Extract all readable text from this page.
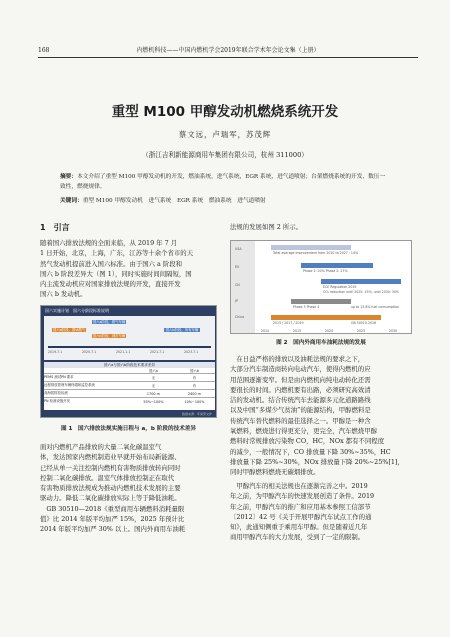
168	内燃机科技——中国内燃机学会2019年联合学术年会论文集（上册）
重型 M100 甲醇发动机燃烧系统开发
蔡文远，卢瑞军，苏茂辉
（浙江吉利新能源商用车集团有限公司，杭州 311000）
摘要：本文介绍了重型 M100 甲醇发动机的开发，燃油系统，进气系统，EGR 系统，进气道喷射；台架燃烧系统的开发，数压一致性，燃烧规律。
关键词：重型 M100 甲醇发动机　进气系统　EGR 系统　燃油系统　进气道喷射
1　引言
随着国六排放法规的全面来临，从 2019 年 7 月
1 日开始，北京，上海，广东，江苏等十余个省市的天
然气发动机提前进入国六标准。由于国六 a 阶段和
国六 b 阶段差异大（图 1），同时实施时间间隔短，国
内主流发动机应对国家排放法规的开发，直接开发
国六 b 发动机。
国六实施计划　国六分阶段标准说明
国六a阶段，国Ⅵ燃气
国六a阶段，燃气车辆
国六b阶段，城市车辆
国六b阶段，所有车辆
2019.7.1	2020.7.1	2021.1.1	2021.7.1	2023.7.1
国六a与国六b阶段技术要求差异
	国六a	国六b
PEMS 测试PN 要求	无	有
远程排放管理车辆终端和监控系统	无	有
高海拔排放检测	1700 m	2400 m
PN 检测设施开发	55%~100%	10%~100%
数据来源：环保部文件
图 1　国六排放法规实施日程与 a，b 阶段的技术差异
面对内燃机产品排放的大量二氧化碳温室气
体，发达国家内燃机制造业早就开始布局新能源、
已经从单一关注控制内燃机有害物质排放转向同时
控制二氧化碳排放。温室气体排放控制正在取代
有害物质排放法规成为推动内燃机技术发展的主要
驱动力。降低二氧化碳排放实际上等于降低油耗。
　GB 30510—2018《重型商用车辆燃料消耗量限
值》比 2014 年版平均加严 15%，2025 年预计比
2014 年版平均加严 30% 以上。国内外商用车油耗
法规的发展如图 2 所示。
USA
EU
CN
JP
China
Total average improvement from 2010 to 2027 : 14%
Phase 1: 20% Phase 2: 27%
ECE Regulation 2019
CO₂ reduction until 2025: 15%; until 2030: 30%
Phase 3 Phase 4	up to 13.8% fuel consumption
2015 / 2017 / 2019	GB 30510-2018
2010	2015	2020	2025	2030
图 2　国内外商用车油耗法规的发展
　在日益严格的排放以及油耗法规的要求之下，
大部分汽车制造商转向电动汽车，使得内燃机的应
用范围逐渐变窄。但是由内燃机向纯电动转化还需
要很长的时间。内燃机要有出路，必须研究高效清
洁的发动机。结合传统汽车去能源多元化道路路线
以及中国“多煤少气贫油”的能源结构，甲醇燃料是
传统汽车替代燃料的最佳选择之一。甲醇是一种含
氧燃料，燃烧进行得更充分，更完全，汽车燃烧甲醇
燃料时常规排放污染物 CO，HC，NOx 都有不同程度
的减少，一般情况下，CO 排放量下降 30%~35%，HC
排放量下降 25%~30%，NOx 排放量下降 20%~25%[1]，
同时甲醇燃料燃烧无碳烟排放。
　甲醇汽车的相关法规也在逐渐完善之中。2019
年之前，为甲醇汽车的快速发展创造了条件。2019
年之前，甲醇汽车的推广和应用基本参照工信部节
〔2012〕42 号《关于开展甲醇汽车试点工作的通
知》，此通知侧重于乘用车甲醇。但是随着近几年
商用甲醇汽车的大力发展，受到了一定的限制。
